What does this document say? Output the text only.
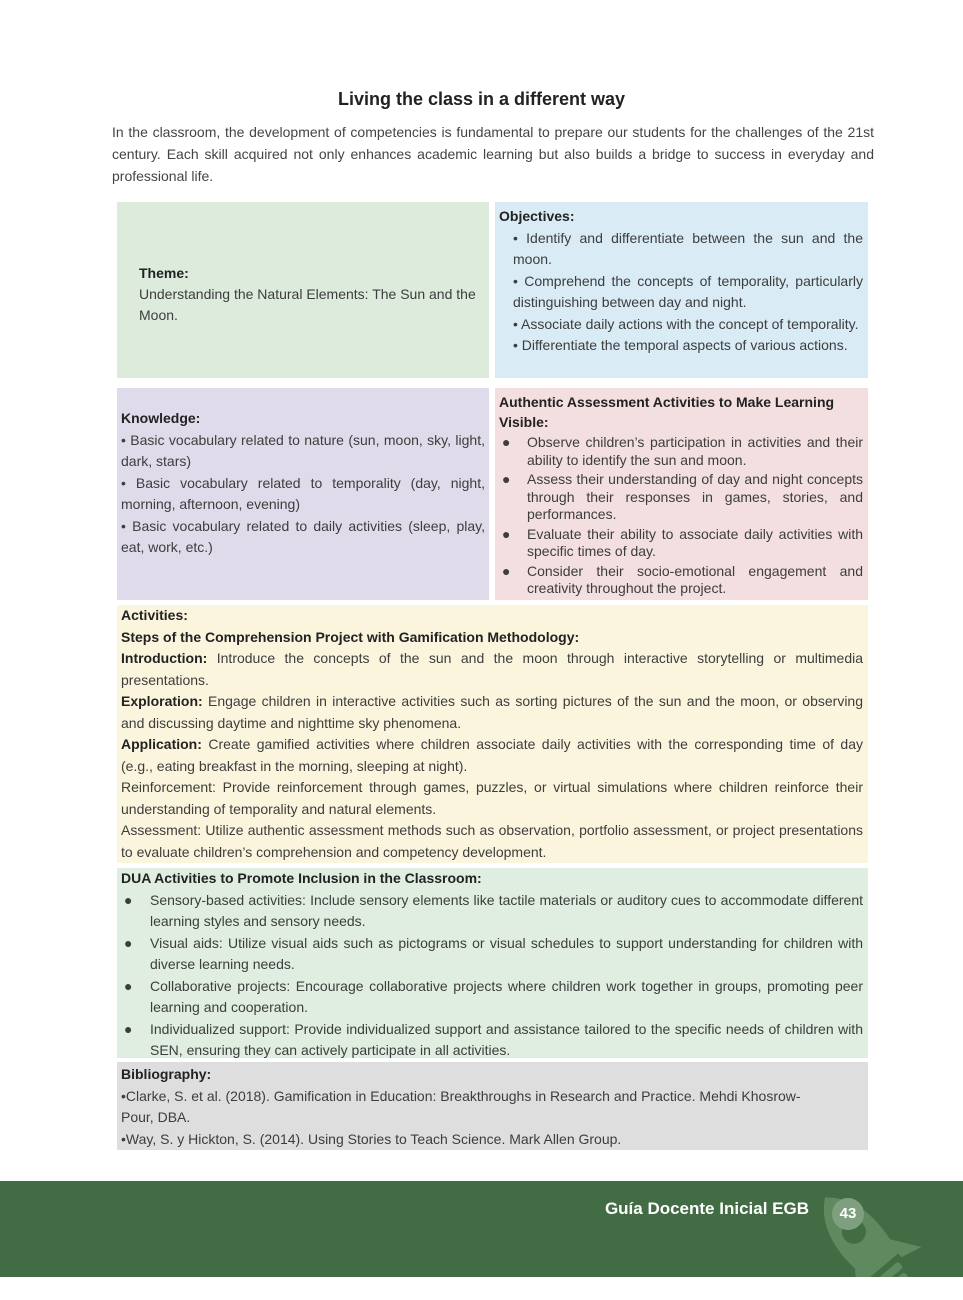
Living the class in a different way
In the classroom, the development of competencies is fundamental to prepare our students for the challenges of the 21st century. Each skill acquired not only enhances academic learning but also builds a bridge to success in everyday and professional life.
Theme:
Understanding the Natural Elements: The Sun and the Moon.
Objectives:
• Identify and differentiate between the sun and the moon.
• Comprehend the concepts of temporality, particularly distinguishing between day and night.
• Associate daily actions with the concept of temporality.
• Differentiate the temporal aspects of various actions.
Knowledge:
• Basic vocabulary related to nature (sun, moon, sky, light, dark, stars)
• Basic vocabulary related to temporality (day, night, morning, afternoon, evening)
• Basic vocabulary related to daily activities (sleep, play, eat, work, etc.)
Authentic Assessment Activities to Make Learning Visible:
● Observe children’s participation in activities and their ability to identify the sun and moon.
● Assess their understanding of day and night concepts through their responses in games, stories, and performances.
● Evaluate their ability to associate daily activities with specific times of day.
● Consider their socio-emotional engagement and creativity throughout the project.
Activities:
Steps of the Comprehension Project with Gamification Methodology:
Introduction: Introduce the concepts of the sun and the moon through interactive storytelling or multimedia presentations.
Exploration: Engage children in interactive activities such as sorting pictures of the sun and the moon, or observing and discussing daytime and nighttime sky phenomena.
Application: Create gamified activities where children associate daily activities with the corresponding time of day (e.g., eating breakfast in the morning, sleeping at night).
Reinforcement: Provide reinforcement through games, puzzles, or virtual simulations where children reinforce their understanding of temporality and natural elements.
Assessment: Utilize authentic assessment methods such as observation, portfolio assessment, or project presentations to evaluate children’s comprehension and competency development.
DUA Activities to Promote Inclusion in the Classroom:
● Sensory-based activities: Include sensory elements like tactile materials or auditory cues to accommodate different learning styles and sensory needs.
● Visual aids: Utilize visual aids such as pictograms or visual schedules to support understanding for children with diverse learning needs.
● Collaborative projects: Encourage collaborative projects where children work together in groups, promoting peer learning and cooperation.
● Individualized support: Provide individualized support and assistance tailored to the specific needs of children with SEN, ensuring they can actively participate in all activities.
Bibliography:
•Clarke, S. et al. (2018). Gamification in Education: Breakthroughs in Research and Practice. Mehdi Khosrow-Pour, DBA.
•Way, S. y Hickton, S. (2014). Using Stories to Teach Science. Mark Allen Group.
Guía Docente Inicial EGB	43
